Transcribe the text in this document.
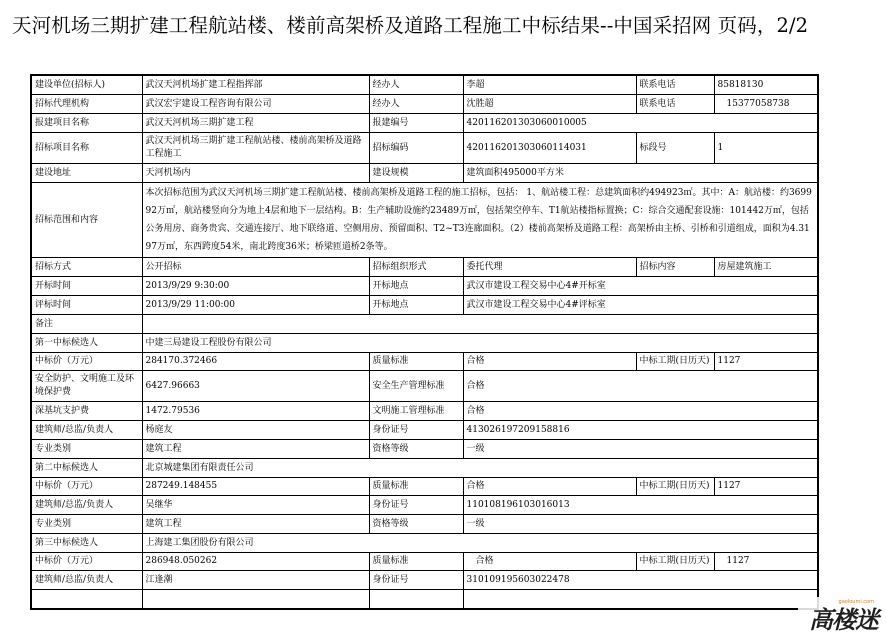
天河机场三期扩建工程航站楼、楼前高架桥及道路工程施工中标结果--中国采招网 页码，2/2
建设单位(招标人)	武汉天河机场扩建工程指挥部	经办人	李超	联系电话	85818130
招标代理机构	武汉宏宇建设工程咨询有限公司	经办人	沈胜超	联系电话	15377058738
报建项目名称	武汉天河机场三期扩建工程	报建编号	420116201303060010005		
招标项目名称	武汉天河机场三期扩建工程航站楼、楼前高架桥及道路工程施工	招标编码	420116201303060114031	标段号	1
建设地址	天河机场内	建设规模	建筑面积495000平方米		
招标范围和内容	本次招标范围为武汉天河机场三期扩建工程航站楼、楼前高架桥及道路工程的施工招标，包括： 1、航站楼工程：总建筑面积约494923㎡。其中：A：航站楼：约369992万㎡，航站楼竖向分为地上4层和地下一层结构。B：生产辅助设施约23489万㎡，包括架空停车、T1航站楼指标置换；C：综合交通配套设施：101442万㎡，包括公务用房、商务贵宾、交通连接厅、地下联络道、空侧用房、预留面积、T2~T3连廊面积。（2）楼前高架桥及道路工程：高架桥由主桥、引桥和引道组成，面积为4.3197万㎡，东西跨度54米，南北跨度36米；桥梁匝道桥2条等。				
招标方式	公开招标	招标组织形式	委托代理	招标内容	房屋建筑施工
开标时间	2013/9/29 9:30:00	开标地点	武汉市建设工程交易中心4#开标室		
评标时间	2013/9/29 11:00:00	开标地点	武汉市建设工程交易中心4#评标室		
备注					
第一中标候选人	中建三局建设工程股份有限公司				
中标价（万元）	284170.372466	质量标准	合格	中标工期(日历天)	1127
安全防护、文明施工及环境保护费	6427.96663	安全生产管理标准	合格		
深基坑支护费	1472.79536	文明施工管理标准	合格		
建筑师/总监/负责人	杨庭友	身份证号	413026197209158816		
专业类别	建筑工程	资格等级	一级		
第二中标候选人	北京城建集团有限责任公司				
中标价（万元）	287249.148455	质量标准	合格	中标工期(日历天)	1127
建筑师/总监/负责人	吴继华	身份证号	110108196103016013		
专业类别	建筑工程	资格等级	一级		
第三中标候选人	上海建工集团股份有限公司				
中标价（万元）	286948.050262	质量标准	合格	中标工期(日历天)	1127
建筑师/总监/负责人	江逢潮	身份证号	310109195603022478		

gaoloumi.com
高楼迷
